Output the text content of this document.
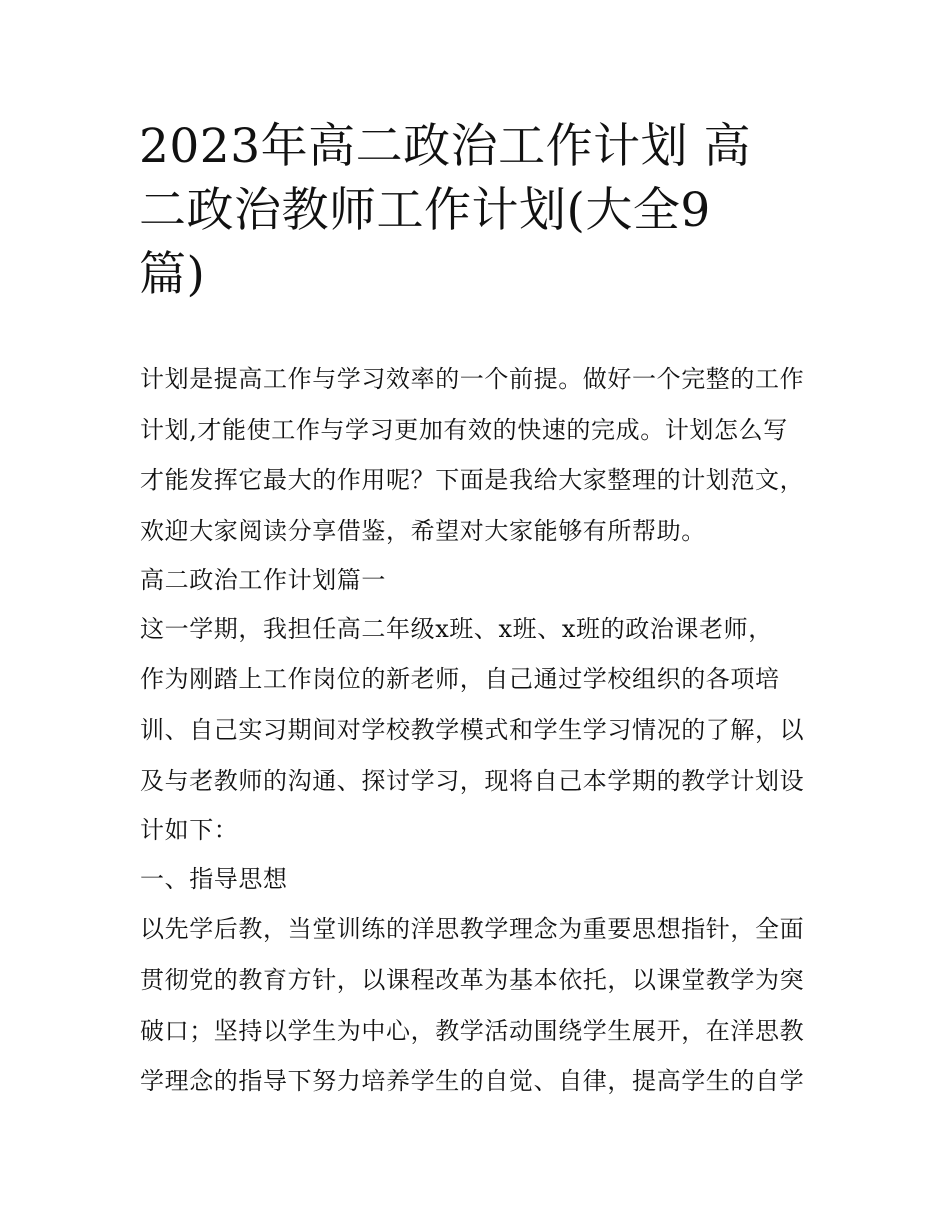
2023年高二政治工作计划 高
二政治教师工作计划(大全9
篇)
计划是提高工作与学习效率的一个前提。做好一个完整的工作
计划,才能使工作与学习更加有效的快速的完成。计划怎么写
才能发挥它最大的作用呢？下面是我给大家整理的计划范文，
欢迎大家阅读分享借鉴，希望对大家能够有所帮助。
高二政治工作计划篇一
这一学期，我担任高二年级x班、x班、x班的政治课老师，
作为刚踏上工作岗位的新老师，自己通过学校组织的各项培
训、自己实习期间对学校教学模式和学生学习情况的了解，以
及与老教师的沟通、探讨学习，现将自己本学期的教学计划设
计如下：
一、指导思想
以先学后教，当堂训练的洋思教学理念为重要思想指针，全面
贯彻党的教育方针，以课程改革为基本依托，以课堂教学为突
破口；坚持以学生为中心，教学活动围绕学生展开，在洋思教
学理念的指导下努力培养学生的自觉、自律，提高学生的自学
